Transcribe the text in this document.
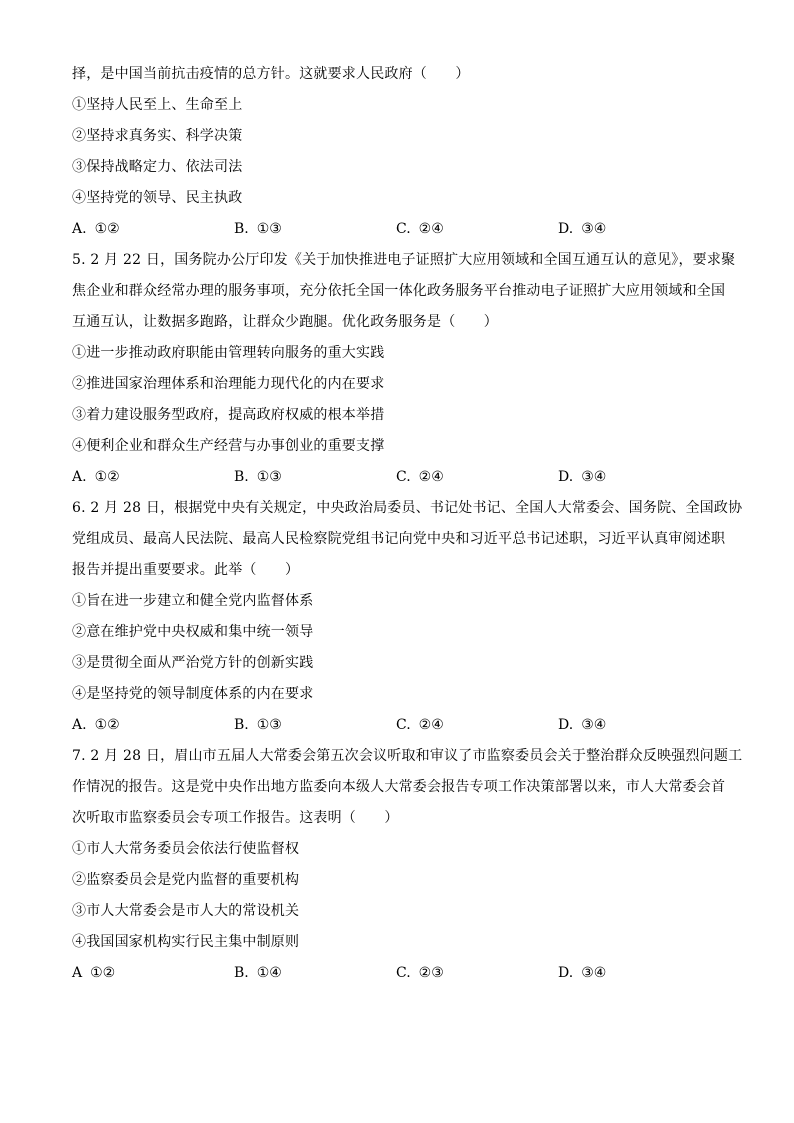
择，是中国当前抗击疫情的总方针。这就要求人民政府（　　）
①坚持人民至上、生命至上
②坚持求真务实、科学决策
③保持战略定力、依法司法
④坚持党的领导、民主执政
A. ①②	B. ①③	C. ②④	D. ③④
5. 2 月 22 日，国务院办公厅印发《关于加快推进电子证照扩大应用领域和全国互通互认的意见》，要求聚
焦企业和群众经常办理的服务事项，充分依托全国一体化政务服务平台推动电子证照扩大应用领域和全国
互通互认，让数据多跑路，让群众少跑腿。优化政务服务是（　　）
①进一步推动政府职能由管理转向服务的重大实践
②推进国家治理体系和治理能力现代化的内在要求
③着力建设服务型政府，提高政府权威的根本举措
④便利企业和群众生产经营与办事创业的重要支撑
A. ①②	B. ①③	C. ②④	D. ③④
6. 2 月 28 日，根据党中央有关规定，中央政治局委员、书记处书记、全国人大常委会、国务院、全国政协
党组成员、最高人民法院、最高人民检察院党组书记向党中央和习近平总书记述职，习近平认真审阅述职
报告并提出重要要求。此举（　　）
①旨在进一步建立和健全党内监督体系
②意在维护党中央权威和集中统一领导
③是贯彻全面从严治党方针的创新实践
④是坚持党的领导制度体系的内在要求
A. ①②	B. ①③	C. ②④	D. ③④
7. 2 月 28 日，眉山市五届人大常委会第五次会议听取和审议了市监察委员会关于整治群众反映强烈问题工
作情况的报告。这是党中央作出地方监委向本级人大常委会报告专项工作决策部署以来，市人大常委会首
次听取市监察委员会专项工作报告。这表明（　　）
①市人大常务委员会依法行使监督权
②监察委员会是党内监督的重要机构
③市人大常委会是市人大的常设机关
④我国国家机构实行民主集中制原则
A ①②	B. ①④	C. ②③	D. ③④
